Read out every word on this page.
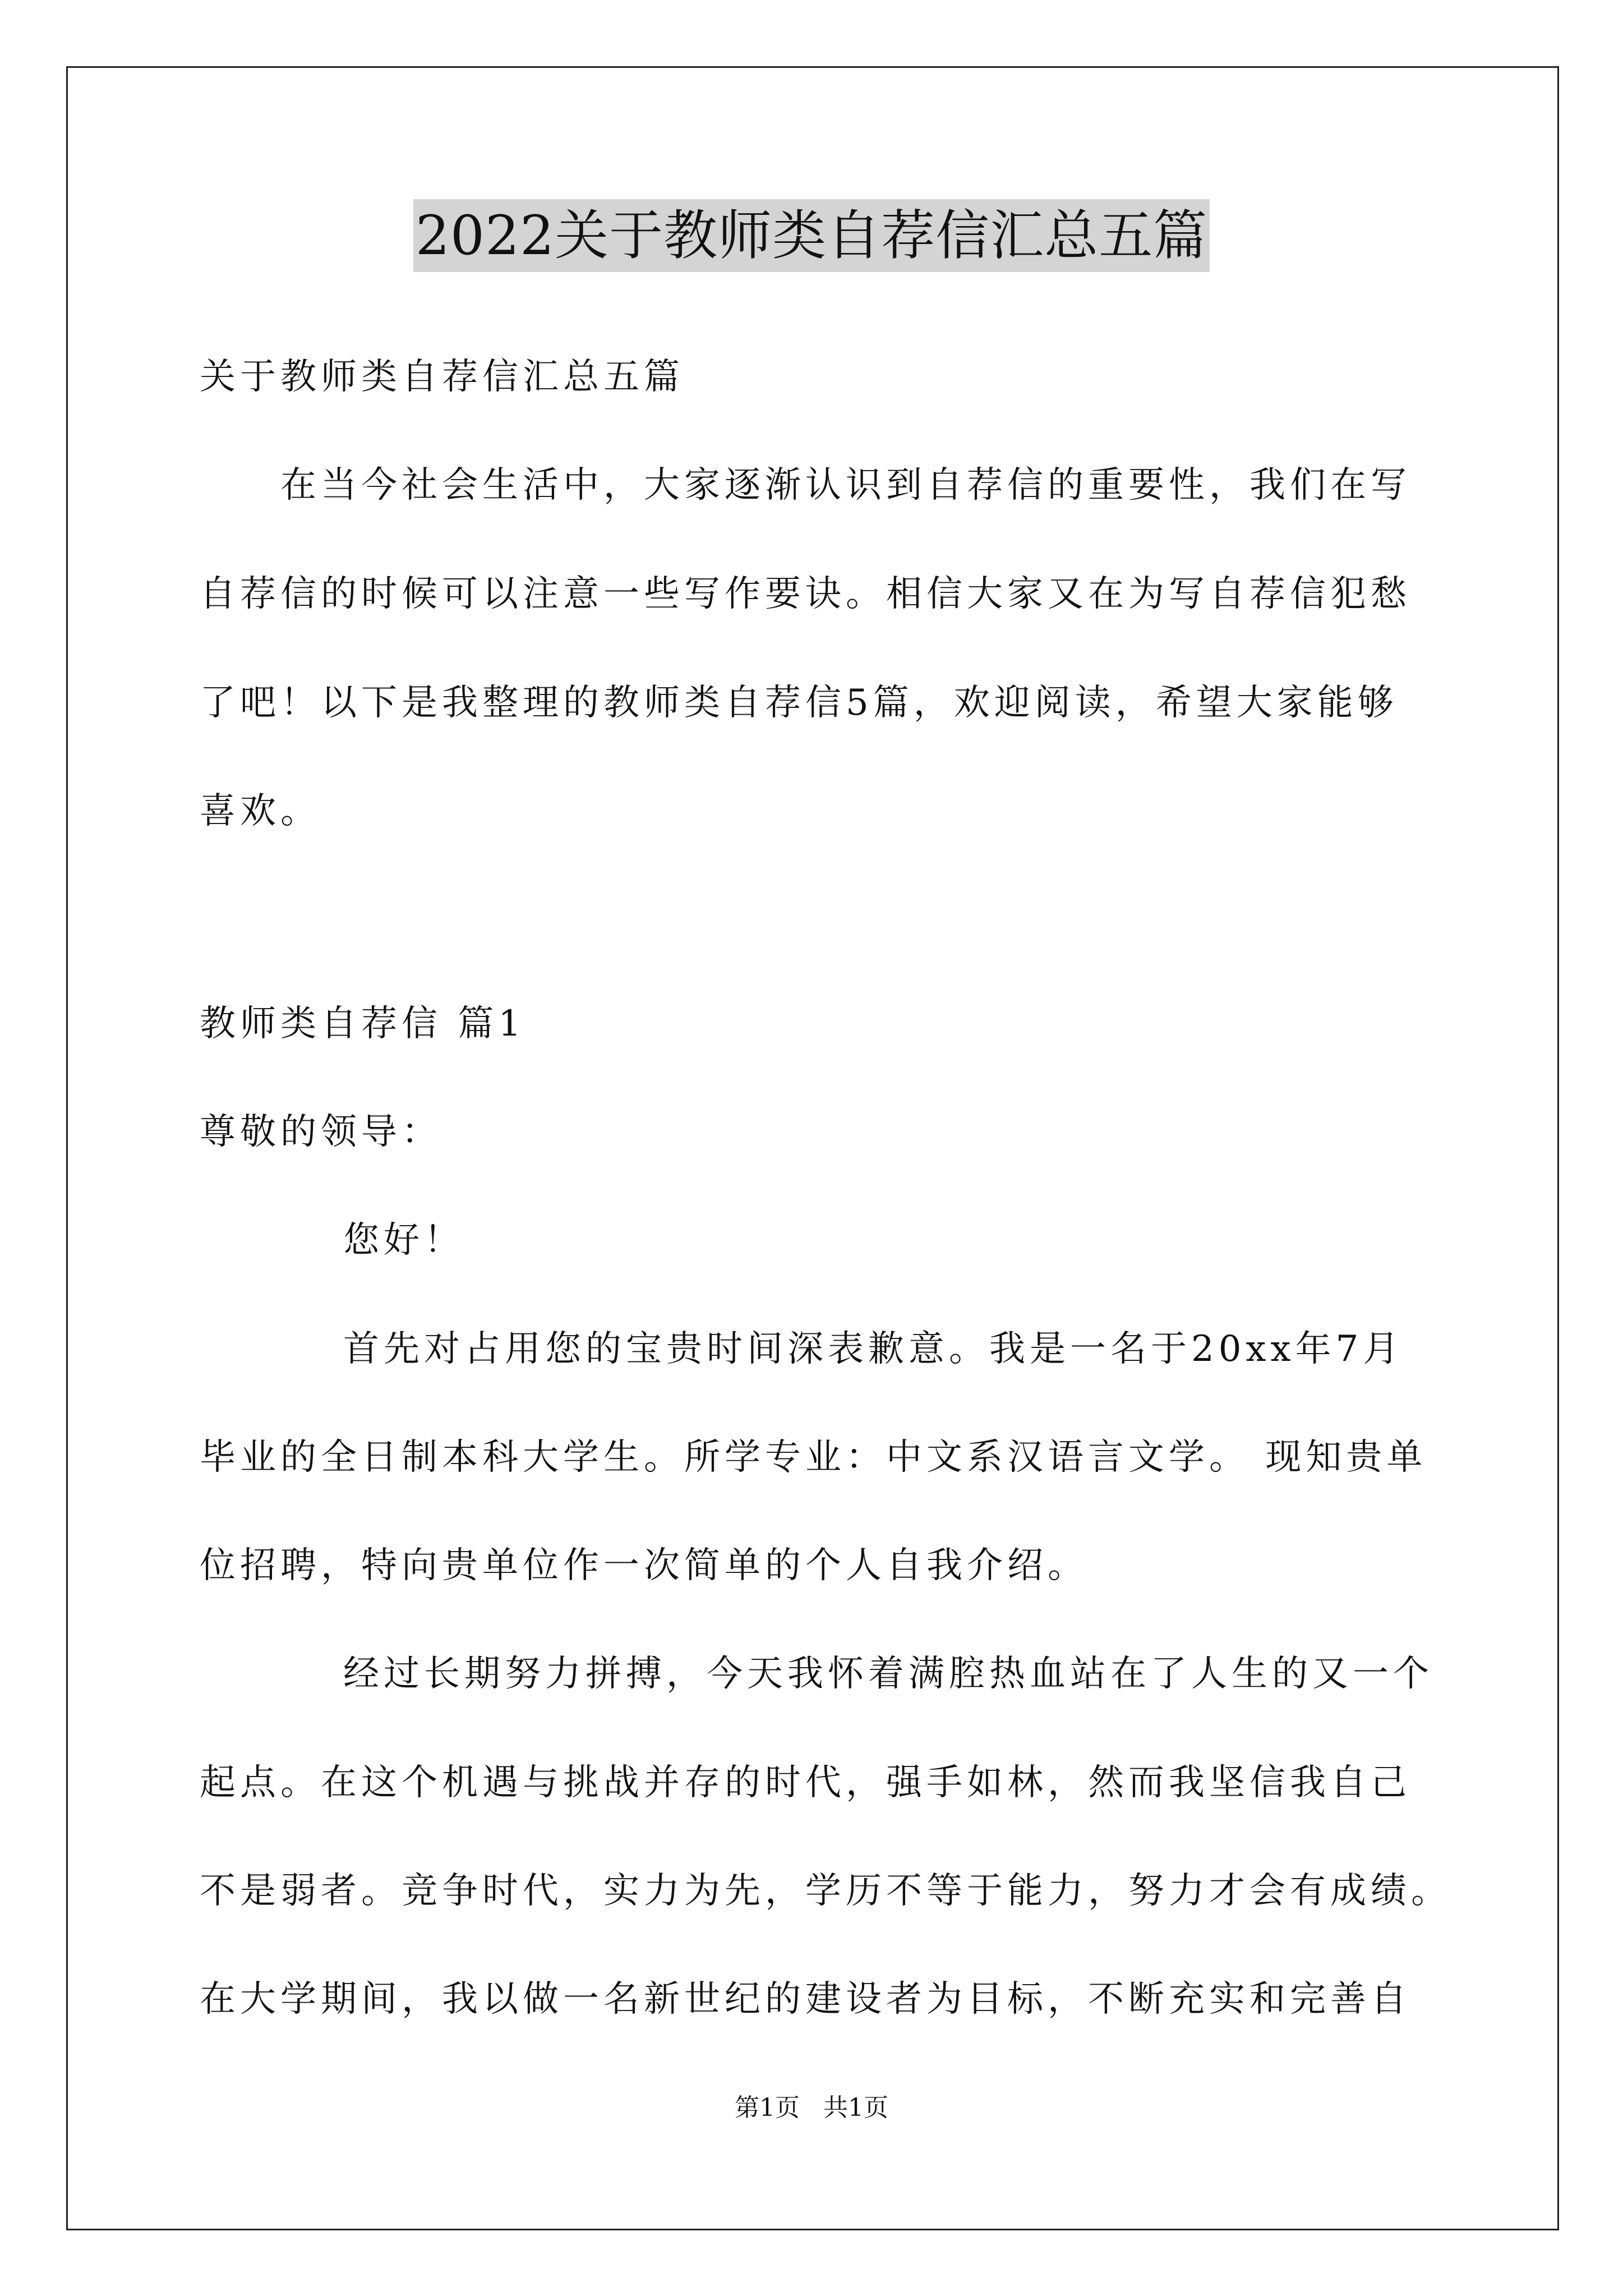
2022关于教师类自荐信汇总五篇
关于教师类自荐信汇总五篇
在当今社会生活中，大家逐渐认识到自荐信的重要性，我们在写
自荐信的时候可以注意一些写作要诀。相信大家又在为写自荐信犯愁
了吧！以下是我整理的教师类自荐信5篇，欢迎阅读，希望大家能够
喜欢。
教师类自荐信 篇1
尊敬的领导：
您好！
首先对占用您的宝贵时间深表歉意。我是一名于20xx年7月
毕业的全日制本科大学生。所学专业：中文系汉语言文学。 现知贵单
位招聘，特向贵单位作一次简单的个人自我介绍。
经过长期努力拼搏，今天我怀着满腔热血站在了人生的又一个
起点。在这个机遇与挑战并存的时代，强手如林，然而我坚信我自己
不是弱者。竞争时代，实力为先，学历不等于能力，努力才会有成绩。
在大学期间，我以做一名新世纪的建设者为目标，不断充实和完善自
第1页   共1页
